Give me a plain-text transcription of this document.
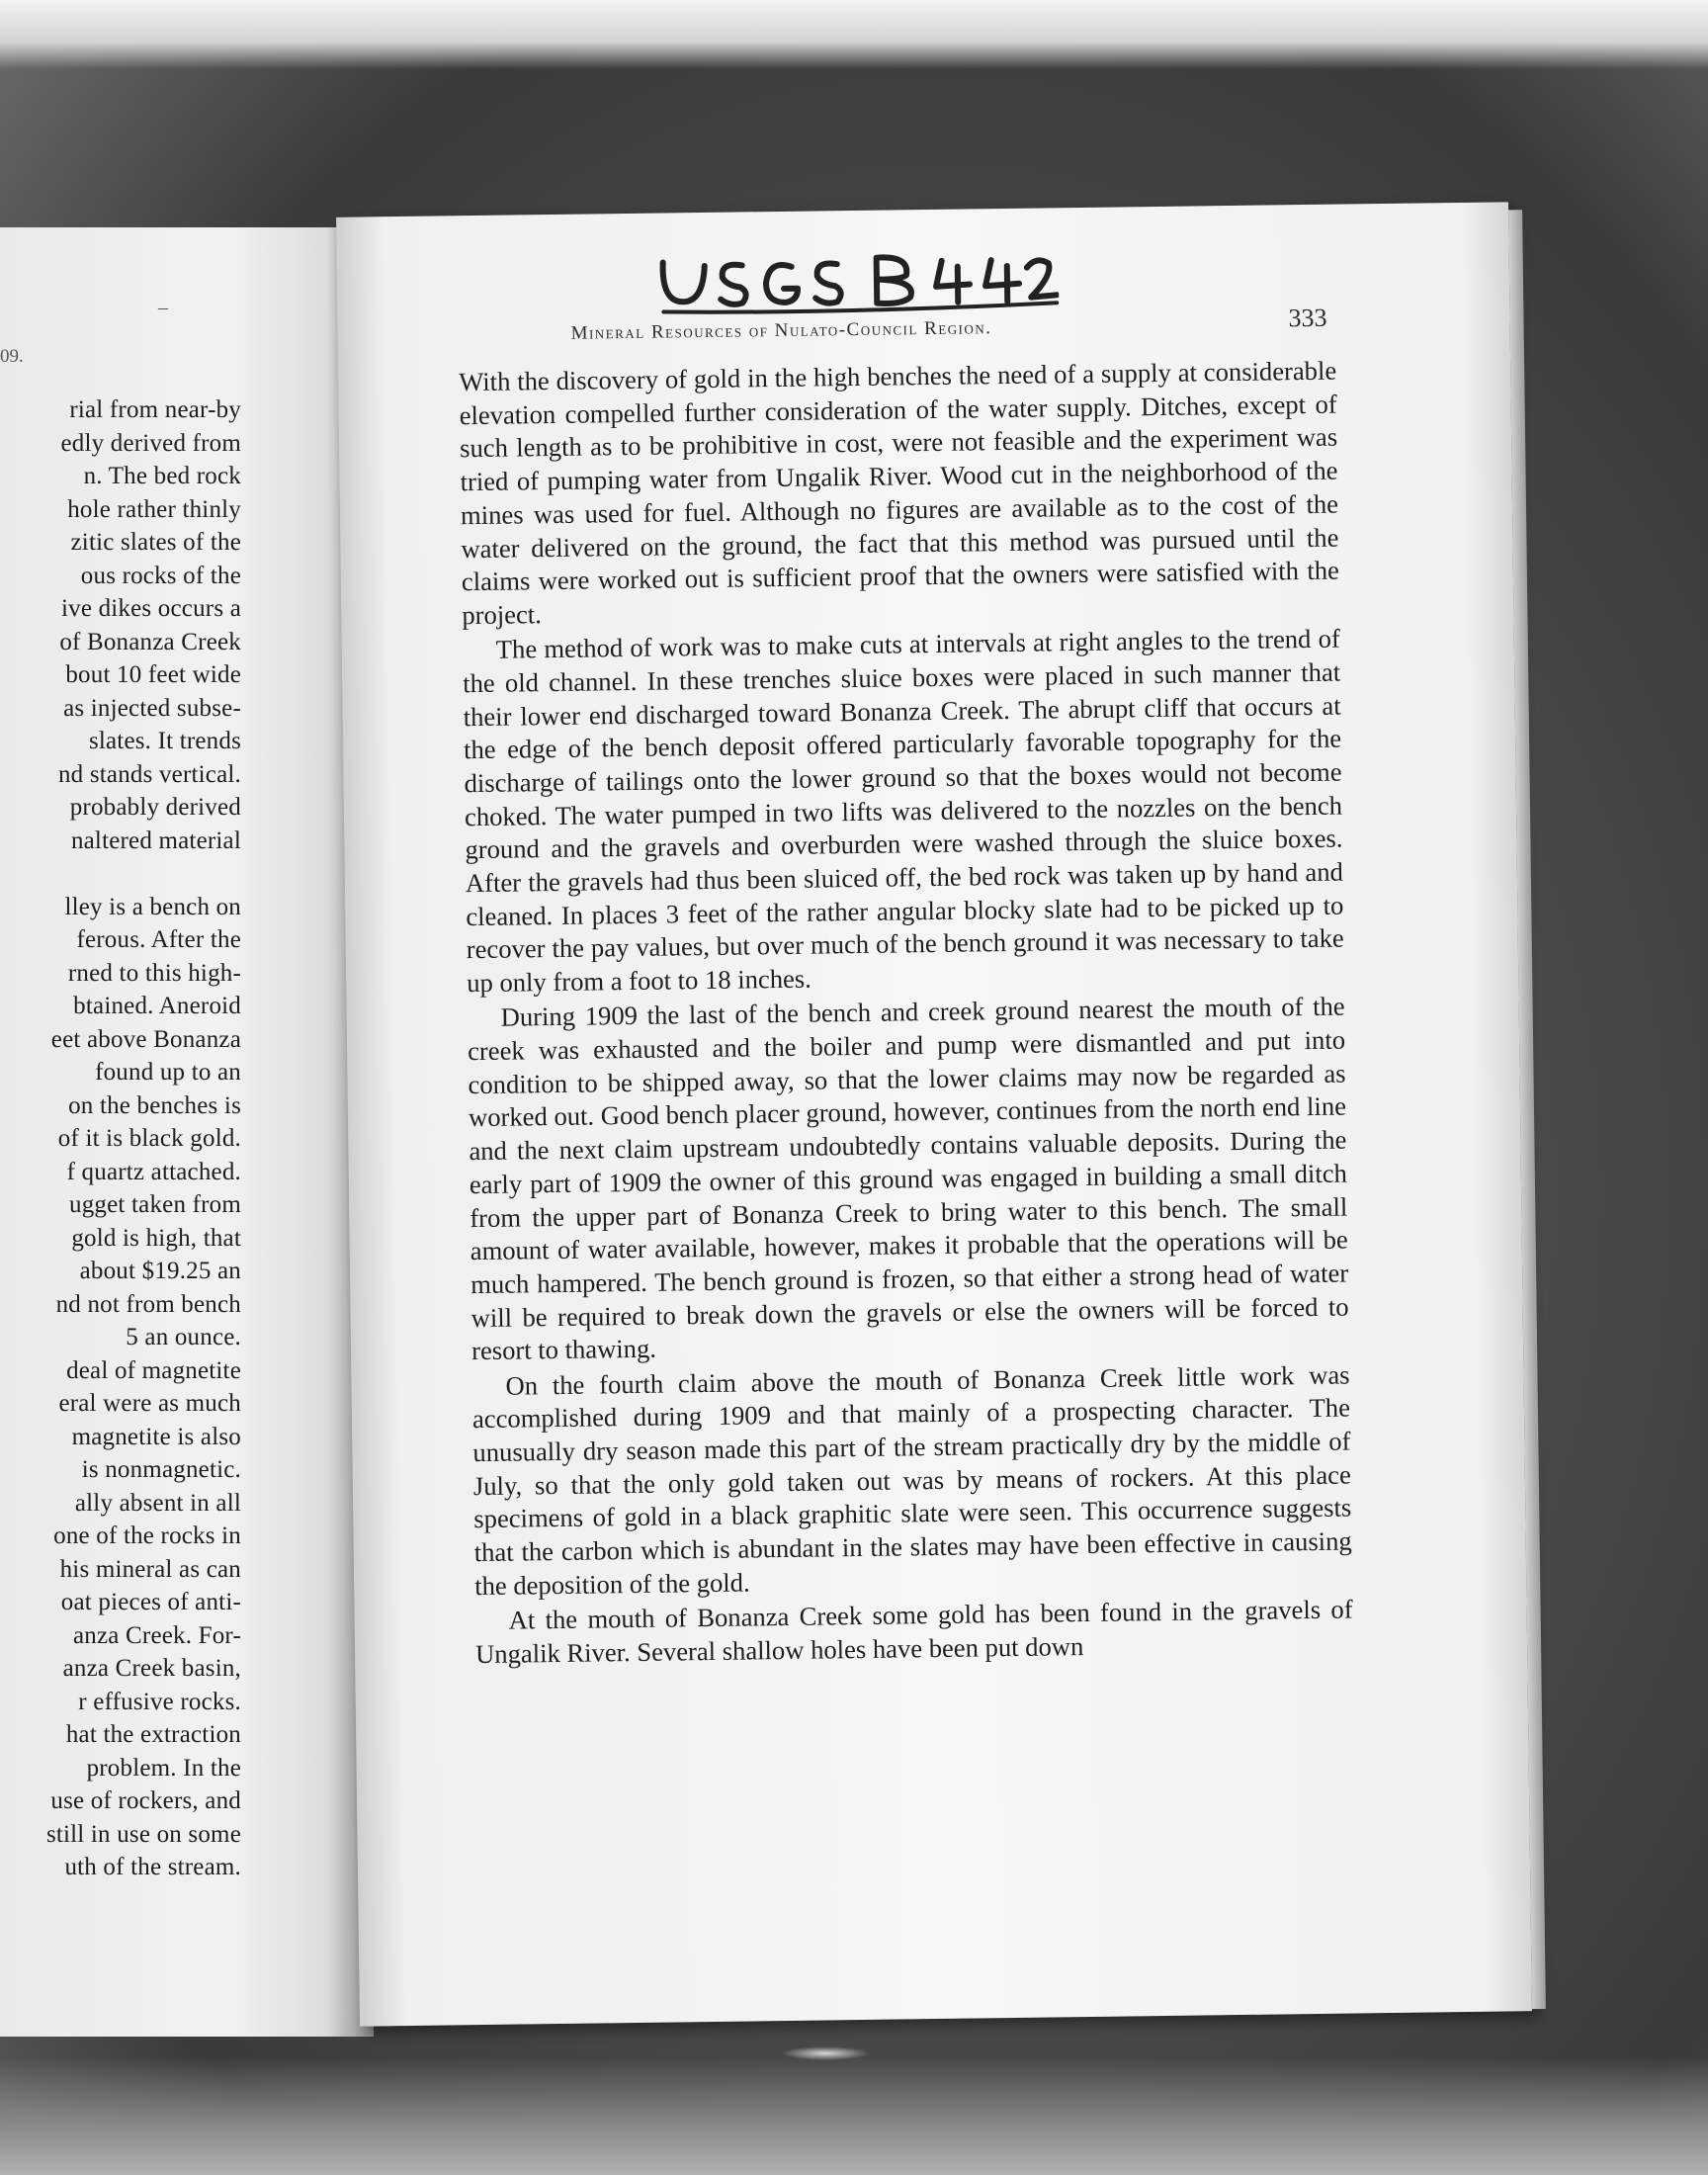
–
09.
rial from near-by
edly derived from
n. The bed rock
hole rather thinly
zitic slates of the
ous rocks of the
ive dikes occurs a
of Bonanza Creek
bout 10 feet wide
as injected subse-
slates. It trends
nd stands vertical.
probably derived
naltered material
lley is a bench on
ferous. After the
rned to this high-
btained. Aneroid
eet above Bonanza
found up to an
on the benches is
of it is black gold.
f quartz attached.
ugget taken from
gold is high, that
about $19.25 an
nd not from bench
5 an ounce.
deal of magnetite
eral were as much
magnetite is also
is nonmagnetic.
ally absent in all
one of the rocks in
his mineral as can
oat pieces of anti-
anza Creek. For-
anza Creek basin,
r effusive rocks.
hat the extraction
problem. In the
use of rockers, and
still in use on some
uth of the stream.
USGS B 442
Mineral Resources of Nulato-Council Region.	333

With the discovery of gold in the high benches the need of a supply at considerable elevation compelled further consideration of the water supply. Ditches, except of such length as to be prohibitive in cost, were not feasible and the experiment was tried of pumping water from Ungalik River. Wood cut in the neighborhood of the mines was used for fuel. Although no figures are available as to the cost of the water delivered on the ground, the fact that this method was pursued until the claims were worked out is sufficient proof that the owners were satisfied with the project.

The method of work was to make cuts at intervals at right angles to the trend of the old channel. In these trenches sluice boxes were placed in such manner that their lower end discharged toward Bonanza Creek. The abrupt cliff that occurs at the edge of the bench deposit offered particularly favorable topography for the discharge of tailings onto the lower ground so that the boxes would not become choked. The water pumped in two lifts was delivered to the nozzles on the bench ground and the gravels and overburden were washed through the sluice boxes. After the gravels had thus been sluiced off, the bed rock was taken up by hand and cleaned. In places 3 feet of the rather angular blocky slate had to be picked up to recover the pay values, but over much of the bench ground it was necessary to take up only from a foot to 18 inches.

During 1909 the last of the bench and creek ground nearest the mouth of the creek was exhausted and the boiler and pump were dismantled and put into condition to be shipped away, so that the lower claims may now be regarded as worked out. Good bench placer ground, however, continues from the north end line and the next claim upstream undoubtedly contains valuable deposits. During the early part of 1909 the owner of this ground was engaged in building a small ditch from the upper part of Bonanza Creek to bring water to this bench. The small amount of water available, however, makes it probable that the operations will be much hampered. The bench ground is frozen, so that either a strong head of water will be required to break down the gravels or else the owners will be forced to resort to thawing.

On the fourth claim above the mouth of Bonanza Creek little work was accomplished during 1909 and that mainly of a prospecting character. The unusually dry season made this part of the stream practically dry by the middle of July, so that the only gold taken out was by means of rockers. At this place specimens of gold in a black graphitic slate were seen. This occurrence suggests that the carbon which is abundant in the slates may have been effective in causing the deposition of the gold.

At the mouth of Bonanza Creek some gold has been found in the gravels of Ungalik River. Several shallow holes have been put down
